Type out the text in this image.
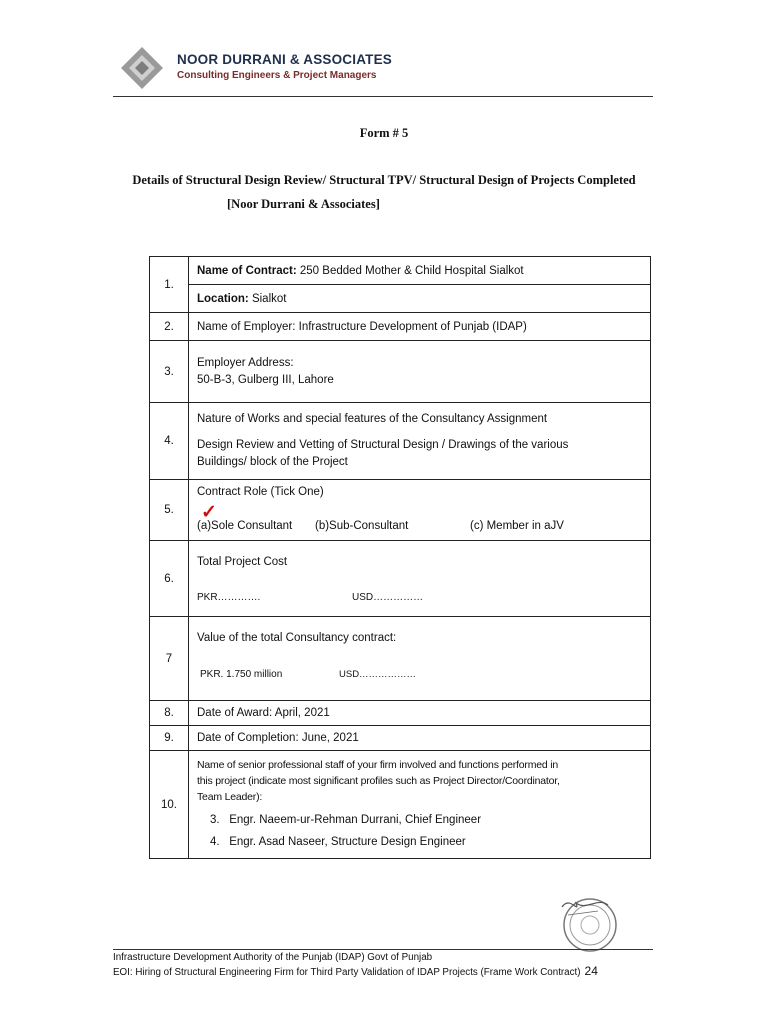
NOOR DURRANI & ASSOCIATES
Consulting Engineers & Project Managers
Form # 5
Details of Structural Design Review/ Structural TPV/ Structural Design of Projects Completed
[Noor Durrani & Associates]
1.	Name of Contract: 250 Bedded Mother & Child Hospital Sialkot
	Location: Sialkot
2.	Name of Employer: Infrastructure Development of Punjab (IDAP)
3.	Employer Address:
50-B-3, Gulberg III, Lahore

4.	Nature of Works and special features of the Consultancy Assignment
Design Review and Vetting of Structural Design / Drawings of the various
Buildings/ block of the Project

5.	Contract Role (Tick One)
✓
(a)Sole Consultant (b)Sub-Consultant (c) Member in aJV

6.	Total Project Cost
PKR…………. USD……………

7	Value of the total Consultancy contract:
PKR. 1.750 million USD………………

8.	Date of Award: April, 2021
9.	Date of Completion: June, 2021
10.	Name of senior professional staff of your firm involved and functions performed in
this project (indicate most significant profiles such as Project Director/Coordinator,
Team Leader):
3. Engr. Naeem-ur-Rehman Durrani, Chief Engineer
4. Engr. Asad Naseer, Structure Design Engineer
Infrastructure Development Authority of the Punjab (IDAP) Govt of Punjab
EOI: Hiring of Structural Engineering Firm for Third Party Validation of IDAP Projects (Frame Work Contract) 24
